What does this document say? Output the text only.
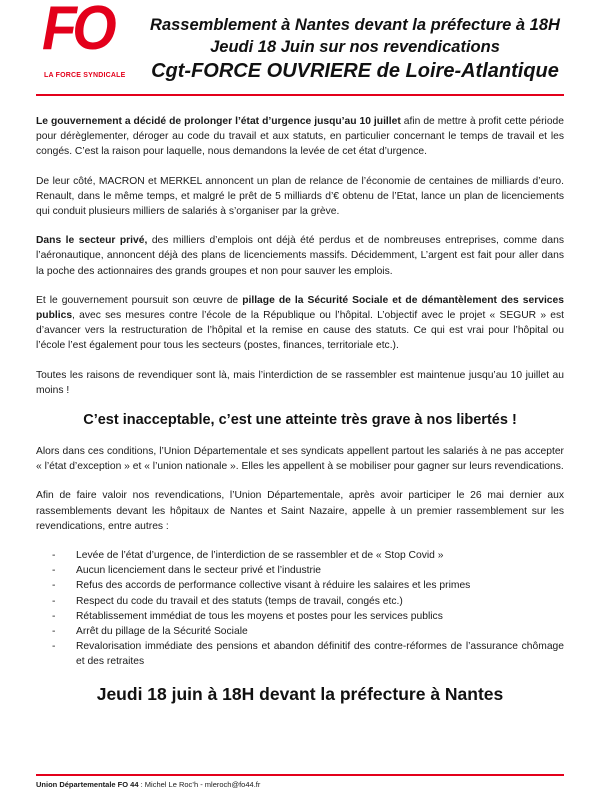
FO
LA FORCE SYNDICALE
Rassemblement à Nantes devant la préfecture à 18H
Jeudi 18 Juin sur nos revendications
Cgt-FORCE OUVRIERE de Loire-Atlantique

Le gouvernement a décidé de prolonger l’état d’urgence jusqu’au 10 juillet afin de mettre à profit cette période pour dérèglementer, déroger au code du travail et aux statuts, en particulier concernant le temps de travail et les congés. C’est la raison pour laquelle, nous demandons la levée de cet état d’urgence.

De leur côté, MACRON et MERKEL annoncent un plan de relance de l’économie de centaines de milliards d’euro. Renault, dans le même temps, et malgré le prêt de 5 milliards d’€ obtenu de l’Etat, lance un plan de licenciements qui conduit plusieurs milliers de salariés à s’organiser par la grève.

Dans le secteur privé, des milliers d’emplois ont déjà été perdus et de nombreuses entreprises, comme dans l’aéronautique, annoncent déjà des plans de licenciements massifs. Décidemment, L’argent est fait pour aller dans la poche des actionnaires des grands groupes et non pour sauver les emplois.

Et le gouvernement poursuit son œuvre de pillage de la Sécurité Sociale et de démantèlement des services publics, avec ses mesures contre l’école de la République ou l’hôpital. L’objectif avec le projet « SEGUR » est d’avancer vers la restructuration de l’hôpital et la remise en cause des statuts. Ce qui est vrai pour l’hôpital ou l’école l’est également pour tous les secteurs (postes, finances, territoriale etc.).

Toutes les raisons de revendiquer sont là, mais l’interdiction de se rassembler est maintenue jusqu’au 10 juillet au moins !

C’est inacceptable, c’est une atteinte très grave à nos libertés !

Alors dans ces conditions, l’Union Départementale et ses syndicats appellent partout les salariés à ne pas accepter « l’état d’exception » et « l’union nationale ». Elles les appellent à se mobiliser pour gagner sur leurs revendications.

Afin de faire valoir nos revendications, l’Union Départementale, après avoir participer le 26 mai dernier aux rassemblements devant les hôpitaux de Nantes et Saint Nazaire, appelle à un premier rassemblement sur les revendications, entre autres :

- Levée de l’état d’urgence, de l’interdiction de se rassembler et de « Stop Covid »
- Aucun licenciement dans le secteur privé et l’industrie
- Refus des accords de performance collective visant à réduire les salaires et les primes
- Respect du code du travail et des statuts (temps de travail, congés etc.)
- Rétablissement immédiat de tous les moyens et postes pour les services publics
- Arrêt du pillage de la Sécurité Sociale
- Revalorisation immédiate des pensions et abandon définitif des contre-réformes de l’assurance chômage et des retraites
Jeudi 18 juin à 18H devant la préfecture à Nantes
Union Départementale FO 44 : Michel Le Roc’h - mleroch@fo44.fr
